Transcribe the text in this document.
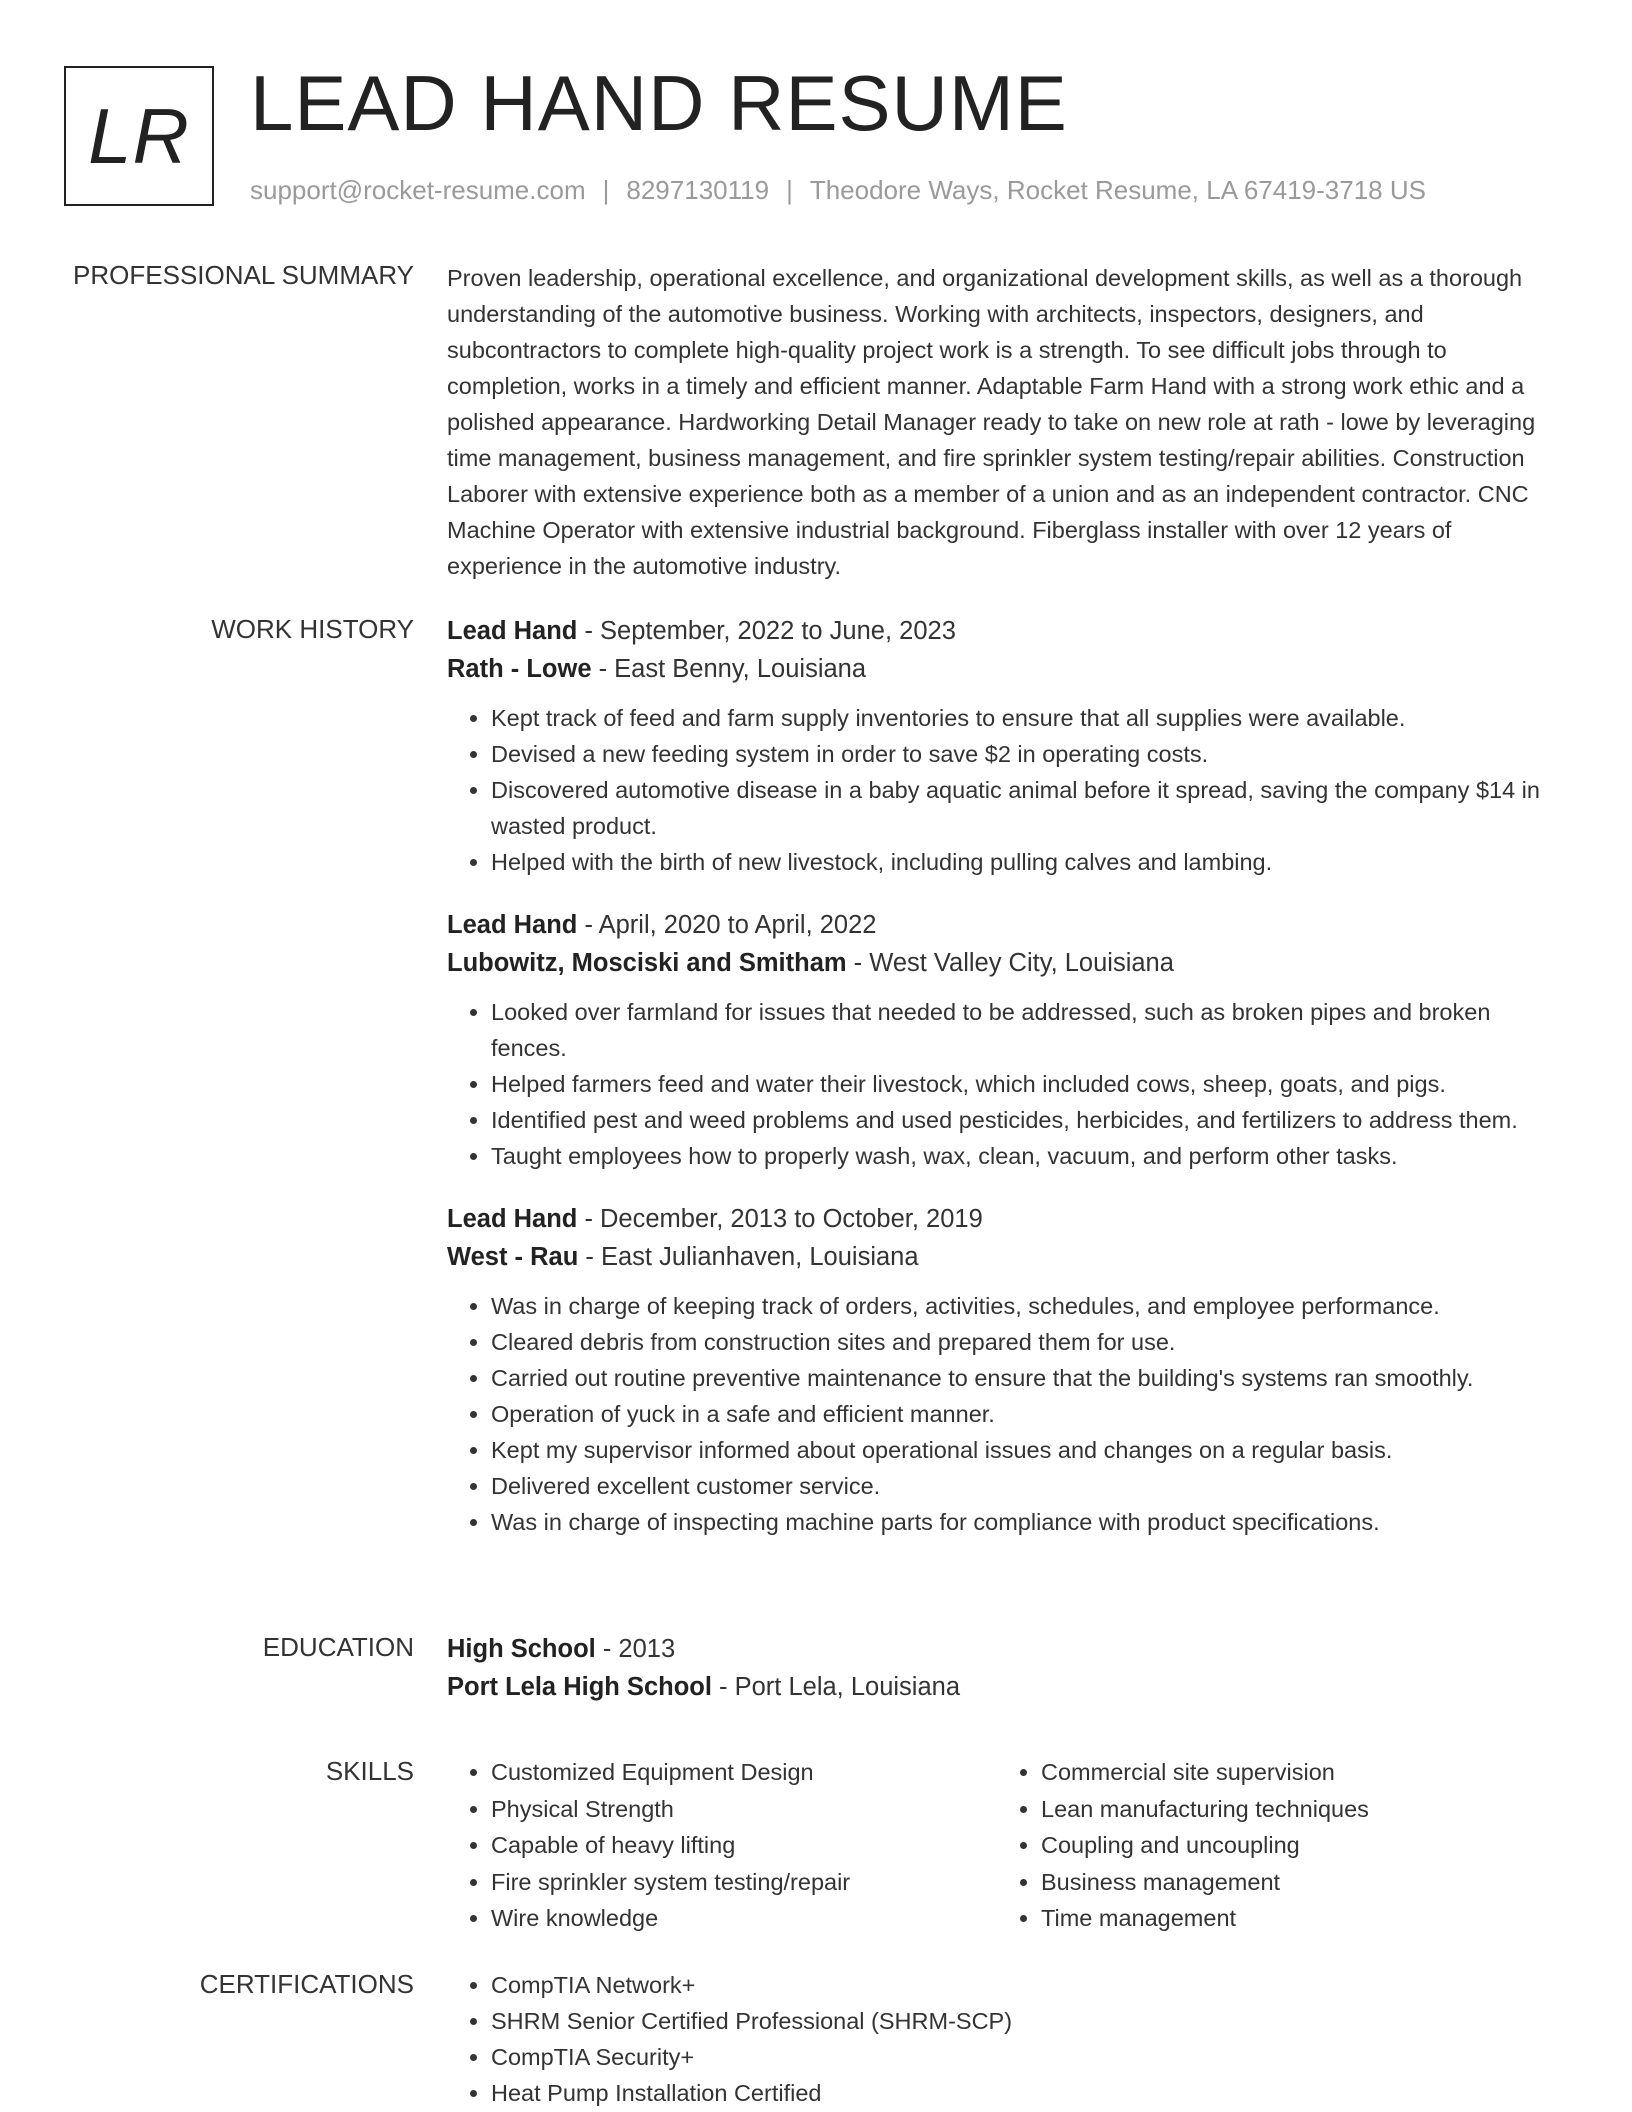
LR LEAD HAND RESUME
support@rocket-resume.com | 8297130119 | Theodore Ways, Rocket Resume, LA 67419-3718 US
PROFESSIONAL SUMMARY Proven leadership, operational excellence, and organizational development skills, as well as a thorough understanding of the automotive business. Working with architects, inspectors, designers, and subcontractors to complete high-quality project work is a strength. To see difficult jobs through to completion, works in a timely and efficient manner. Adaptable Farm Hand with a strong work ethic and a polished appearance. Hardworking Detail Manager ready to take on new role at rath - lowe by leveraging time management, business management, and fire sprinkler system testing/repair abilities. Construction Laborer with extensive experience both as a member of a union and as an independent contractor. CNC Machine Operator with extensive industrial background. Fiberglass installer with over 12 years of experience in the automotive industry.

WORK HISTORY Lead Hand - September, 2022 to June, 2023

Rath - Lowe - East Benny, Louisiana

• Kept track of feed and farm supply inventories to ensure that all supplies were available.
• Devised a new feeding system in order to save $2 in operating costs.
• Discovered automotive disease in a baby aquatic animal before it spread, saving the company $14 in wasted product.
• Helped with the birth of new livestock, including pulling calves and lambing.

Lead Hand - April, 2020 to April, 2022

Lubowitz, Mosciski and Smitham - West Valley City, Louisiana

• Looked over farmland for issues that needed to be addressed, such as broken pipes and broken fences.
• Helped farmers feed and water their livestock, which included cows, sheep, goats, and pigs.
• Identified pest and weed problems and used pesticides, herbicides, and fertilizers to address them.
• Taught employees how to properly wash, wax, clean, vacuum, and perform other tasks.

Lead Hand - December, 2013 to October, 2019

West - Rau - East Julianhaven, Louisiana

• Was in charge of keeping track of orders, activities, schedules, and employee performance.
• Cleared debris from construction sites and prepared them for use.
• Carried out routine preventive maintenance to ensure that the building's systems ran smoothly.
• Operation of yuck in a safe and efficient manner.
• Kept my supervisor informed about operational issues and changes on a regular basis.
• Delivered excellent customer service.
• Was in charge of inspecting machine parts for compliance with product specifications.
EDUCATION High School - 2013

Port Lela High School - Port Lela, Louisiana

SKILLS	• Customized Equipment Design
• Physical Strength
• Capable of heavy lifting
• Fire sprinkler system testing/repair
• Wire knowledge
• Commercial site supervision
• Lean manufacturing techniques
• Coupling and uncoupling
• Business management
• Time management
CERTIFICATIONS	• CompTIA Network+
• SHRM Senior Certified Professional (SHRM-SCP)
• CompTIA Security+
• Heat Pump Installation Certified
